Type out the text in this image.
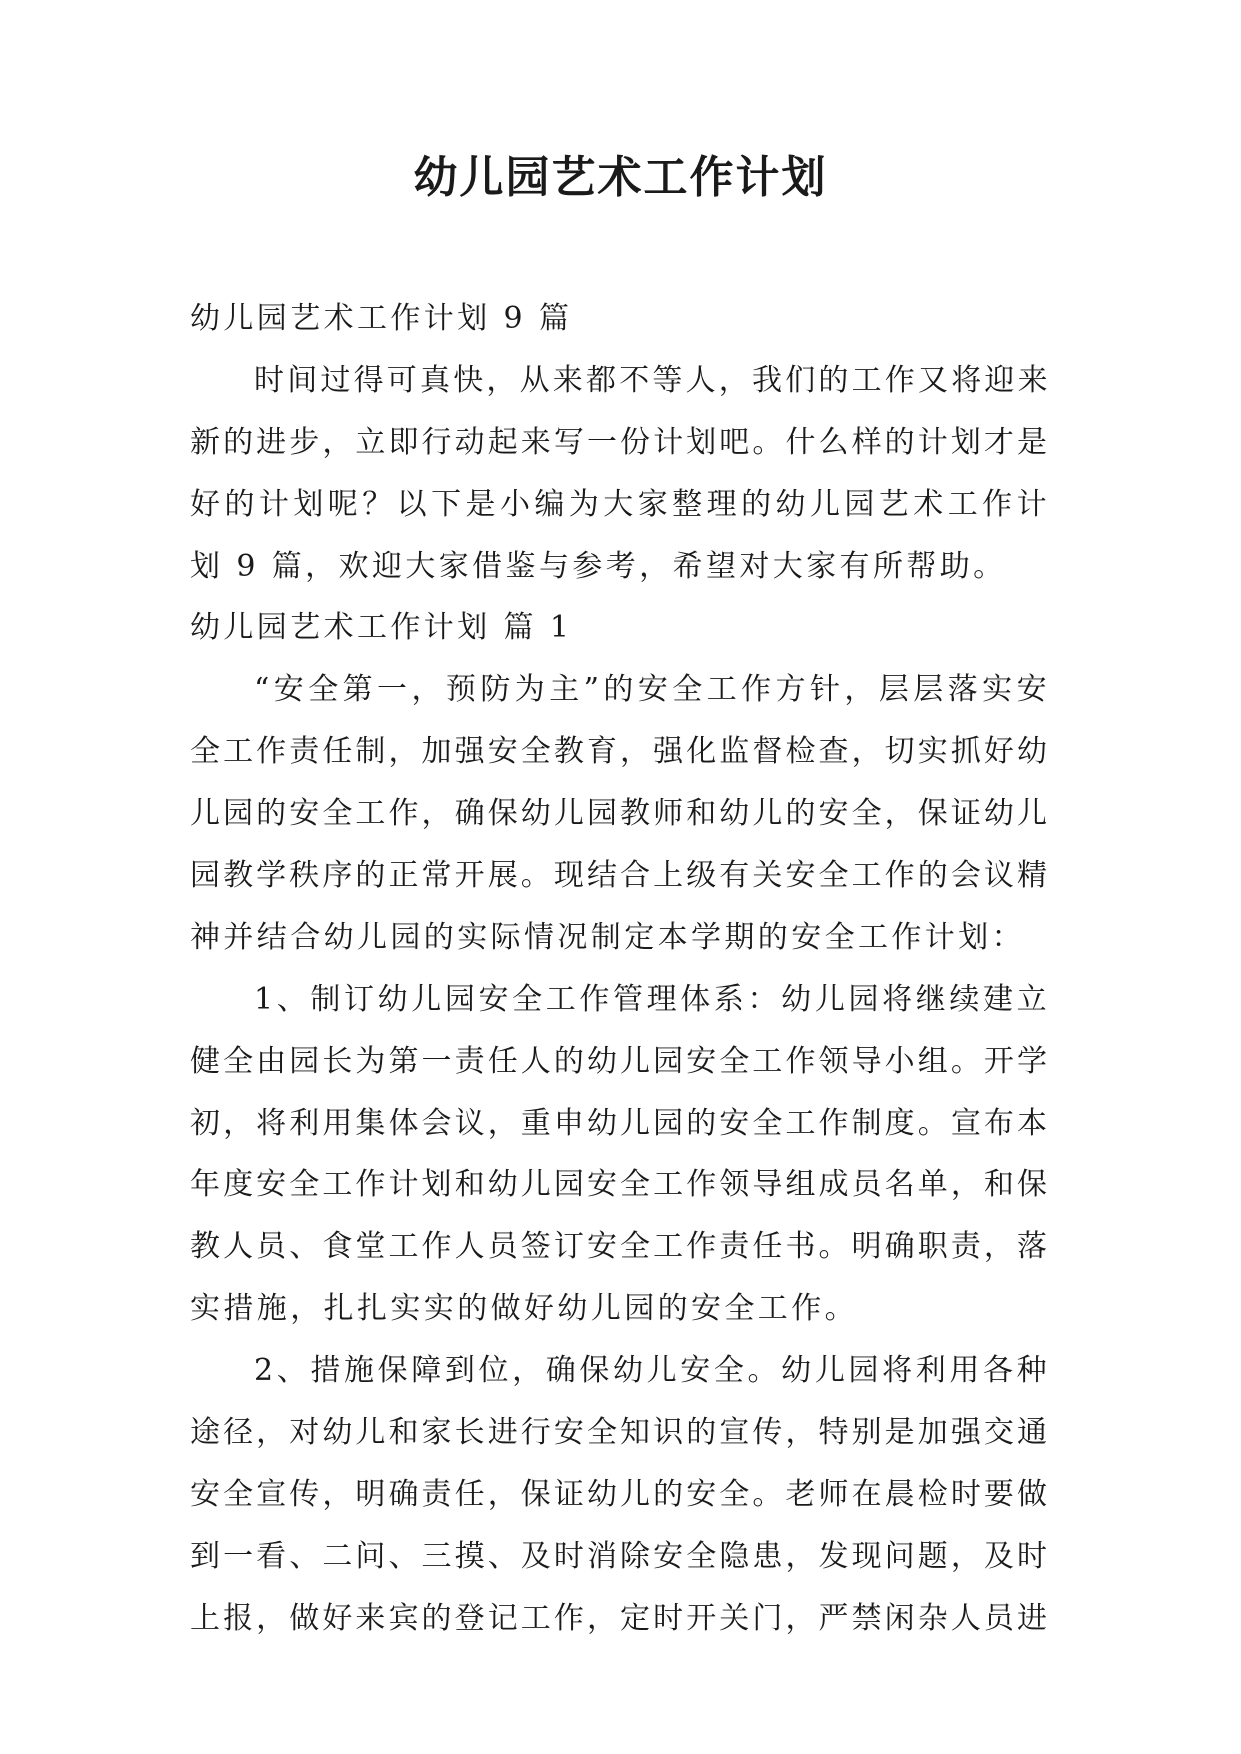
幼儿园艺术工作计划
幼儿园艺术工作计划 9 篇
时间过得可真快，从来都不等人，我们的工作又将迎来
新的进步，立即行动起来写一份计划吧。什么样的计划才是
好的计划呢？以下是小编为大家整理的幼儿园艺术工作计
划 9 篇，欢迎大家借鉴与参考，希望对大家有所帮助。
幼儿园艺术工作计划 篇 1
“安全第一，预防为主”的安全工作方针，层层落实安
全工作责任制，加强安全教育，强化监督检查，切实抓好幼
儿园的安全工作，确保幼儿园教师和幼儿的安全，保证幼儿
园教学秩序的正常开展。现结合上级有关安全工作的会议精
神并结合幼儿园的实际情况制定本学期的安全工作计划：
1、制订幼儿园安全工作管理体系：幼儿园将继续建立
健全由园长为第一责任人的幼儿园安全工作领导小组。开学
初，将利用集体会议，重申幼儿园的安全工作制度。宣布本
年度安全工作计划和幼儿园安全工作领导组成员名单，和保
教人员、食堂工作人员签订安全工作责任书。明确职责，落
实措施，扎扎实实的做好幼儿园的安全工作。
2、措施保障到位，确保幼儿安全。幼儿园将利用各种
途径，对幼儿和家长进行安全知识的宣传，特别是加强交通
安全宣传，明确责任，保证幼儿的安全。老师在晨检时要做
到一看、二问、三摸、及时消除安全隐患，发现问题，及时
上报，做好来宾的登记工作，定时开关门，严禁闲杂人员进
